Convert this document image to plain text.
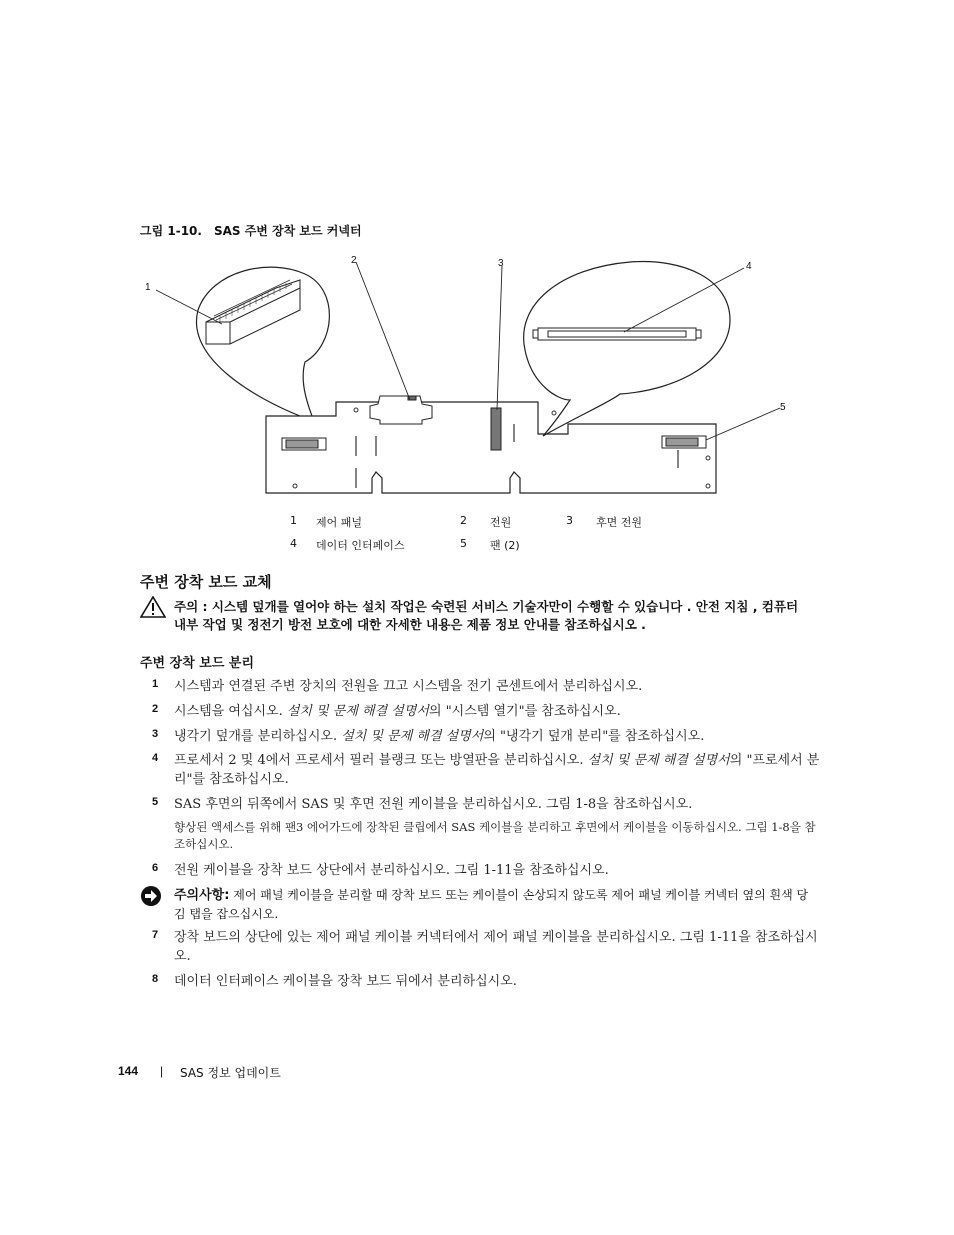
그림 1-10. SAS 주변 장착 보드 커넥터
1
2	3	4
5
1 제어 패널	2 전원	3 후면 전원
4 데이터 인터페이스	5 팬 (2)
주변 장착 보드 교체
주의 : 시스템 덮개를 열어야 하는 설치 작업은 숙련된 서비스 기술자만이 수행할 수 있습니다 . 안전 지침 , 컴퓨터 내부 작업 및 정전기 방전 보호에 대한 자세한 내용은 제품 정보 안내를 참조하십시오 .
주변 장착 보드 분리
1 시스템과 연결된 주변 장치의 전원을 끄고 시스템을 전기 콘센트에서 분리하십시오.
2 시스템을 여십시오. 설치 및 문제 해결 설명서의 "시스템 열기"를 참조하십시오.
3 냉각기 덮개를 분리하십시오. 설치 및 문제 해결 설명서의 "냉각기 덮개 분리"를 참조하십시오.
4 프로세서 2 및 4에서 프로세서 필러 블랭크 또는 방열판을 분리하십시오. 설치 및 문제 해결 설명서의 "프로세서 분리"를 참조하십시오.
5 SAS 후면의 뒤쪽에서 SAS 및 후면 전원 케이블을 분리하십시오. 그림 1-8을 참조하십시오.
향상된 액세스를 위해 팬3 에어가드에 장착된 클립에서 SAS 케이블을 분리하고 후면에서 케이블을 이동하십시오. 그림 1-8을 참조하십시오.
6 전원 케이블을 장착 보드 상단에서 분리하십시오. 그림 1-11을 참조하십시오.
주의사항: 제어 패널 케이블을 분리할 때 장착 보드 또는 케이블이 손상되지 않도록 제어 패널 케이블 커넥터 옆의 흰색 당김 탭을 잡으십시오.
7 장착 보드의 상단에 있는 제어 패널 케이블 커넥터에서 제어 패널 케이블을 분리하십시오. 그림 1-11을 참조하십시오.
8 데이터 인터페이스 케이블을 장착 보드 뒤에서 분리하십시오.
144 | SAS 정보 업데이트
